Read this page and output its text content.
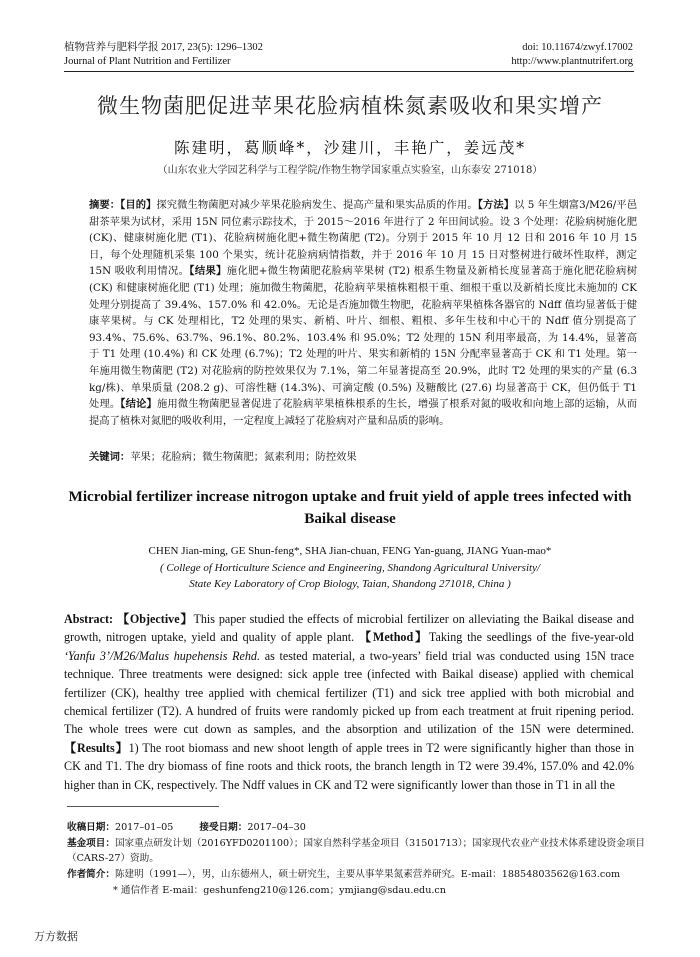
植物营养与肥料学报 2017, 23(5): 1296–1302
Journal of Plant Nutrition and Fertilizer
doi: 10.11674/zwyf.17002
http://www.plantnutrifert.org
微生物菌肥促进苹果花脸病植株氮素吸收和果实增产
陈建明，葛顺峰*，沙建川，丰艳广，姜远茂*
（山东农业大学园艺科学与工程学院/作物生物学国家重点实验室，山东泰安 271018）
摘要：【目的】探究微生物菌肥对减少苹果花脸病发生、提高产量和果实品质的作用。【方法】以 5 年生烟富3/M26/平邑甜茶苹果为试材，采用 15N 同位素示踪技术，于 2015～2016 年进行了 2 年田间试验。设 3 个处理：花脸病树施化肥 (CK)、健康树施化肥 (T1)、花脸病树施化肥+微生物菌肥 (T2)。分别于 2015 年 10 月 12 日和 2016 年 10 月 15 日，每个处理随机采集 100 个果实，统计花脸病病情指数，并于 2016 年 10 月 15 日对整树进行破坏性取样，测定 15N 吸收利用情况。【结果】施化肥+微生物菌肥花脸病苹果树 (T2) 根系生物量及新梢长度显著高于施化肥花脸病树 (CK) 和健康树施化肥 (T1) 处理；施加微生物菌肥，花脸病苹果植株粗根干重、细根干重以及新梢长度比未施加的 CK 处理分别提高了 39.4%、157.0% 和 42.0%。无论是否施加微生物肥，花脸病苹果植株各器官的 Ndff 值均显著低于健康苹果树。与 CK 处理相比，T2 处理的果实、新梢、叶片、细根、粗根、多年生枝和中心干的 Ndff 值分别提高了 93.4%、75.6%、63.7%、96.1%、80.2%、103.4% 和 95.0%；T2 处理的 15N 利用率最高，为 14.4%，显著高于 T1 处理 (10.4%) 和 CK 处理 (6.7%)；T2 处理的叶片、果实和新梢的 15N 分配率显著高于 CK 和 T1 处理。第一年施用微生物菌肥 (T2) 对花脸病的防控效果仅为 7.1%，第二年显著提高至 20.9%，此时 T2 处理的果实的产量 (6.3 kg/株)、单果质量 (208.2 g)、可溶性糖 (14.3%)、可滴定酸 (0.5%) 及糖酸比 (27.6) 均显著高于 CK，但仍低于 T1 处理。【结论】施用微生物菌肥显著促进了花脸病苹果植株根系的生长，增强了根系对氮的吸收和向地上部的运输，从而提高了植株对氮肥的吸收利用，一定程度上减轻了花脸病对产量和品质的影响。
关键词：苹果；花脸病；微生物菌肥；氮素利用；防控效果
Microbial fertilizer increase nitrogon uptake and fruit yield of apple trees infected with Baikal disease
CHEN Jian-ming, GE Shun-feng*, SHA Jian-chuan, FENG Yan-guang, JIANG Yuan-mao*
( College of Horticulture Science and Engineering, Shandong Agricultural University/
State Key Laboratory of Crop Biology, Taian, Shandong 271018, China )
Abstract: 【Objective】This paper studied the effects of microbial fertilizer on alleviating the Baikal disease and growth, nitrogen uptake, yield and quality of apple plant. 【Method】Taking the seedlings of the five-year-old ‘Yanfu 3’/M26/Malus hupehensis Rehd. as tested material, a two-years’ field trial was conducted using 15N trace technique. Three treatments were designed: sick apple tree (infected with Baikal disease) applied with chemical fertilizer (CK), healthy tree applied with chemical fertilizer (T1) and sick tree applied with both microbial and chemical fertilizer (T2). A hundred of fruits were randomly picked up from each treatment at fruit ripening period. The whole trees were cut down as samples, and the absorption and utilization of the 15N were determined. 【Results】1) The root biomass and new shoot length of apple trees in T2 were significantly higher than those in CK and T1. The dry biomass of fine roots and thick roots, the branch length in T2 were 39.4%, 157.0% and 42.0% higher than in CK, respectively. The Ndff values in CK and T2 were significantly lower than those in T1 in all the
收稿日期：2017–01–05	接受日期：2017–04–30
基金项目：国家重点研发计划（2016YFD0201100）；国家自然科学基金项目（31501713）；国家现代农业产业技术体系建设资金项目（CARS-27）资助。
作者简介：陈建明（1991—），男，山东德州人，硕士研究生，主要从事苹果氮素营养研究。E-mail：18854803562@163.com
* 通信作者 E-mail：geshunfeng210@126.com；ymjiang@sdau.edu.cn
万方数据
